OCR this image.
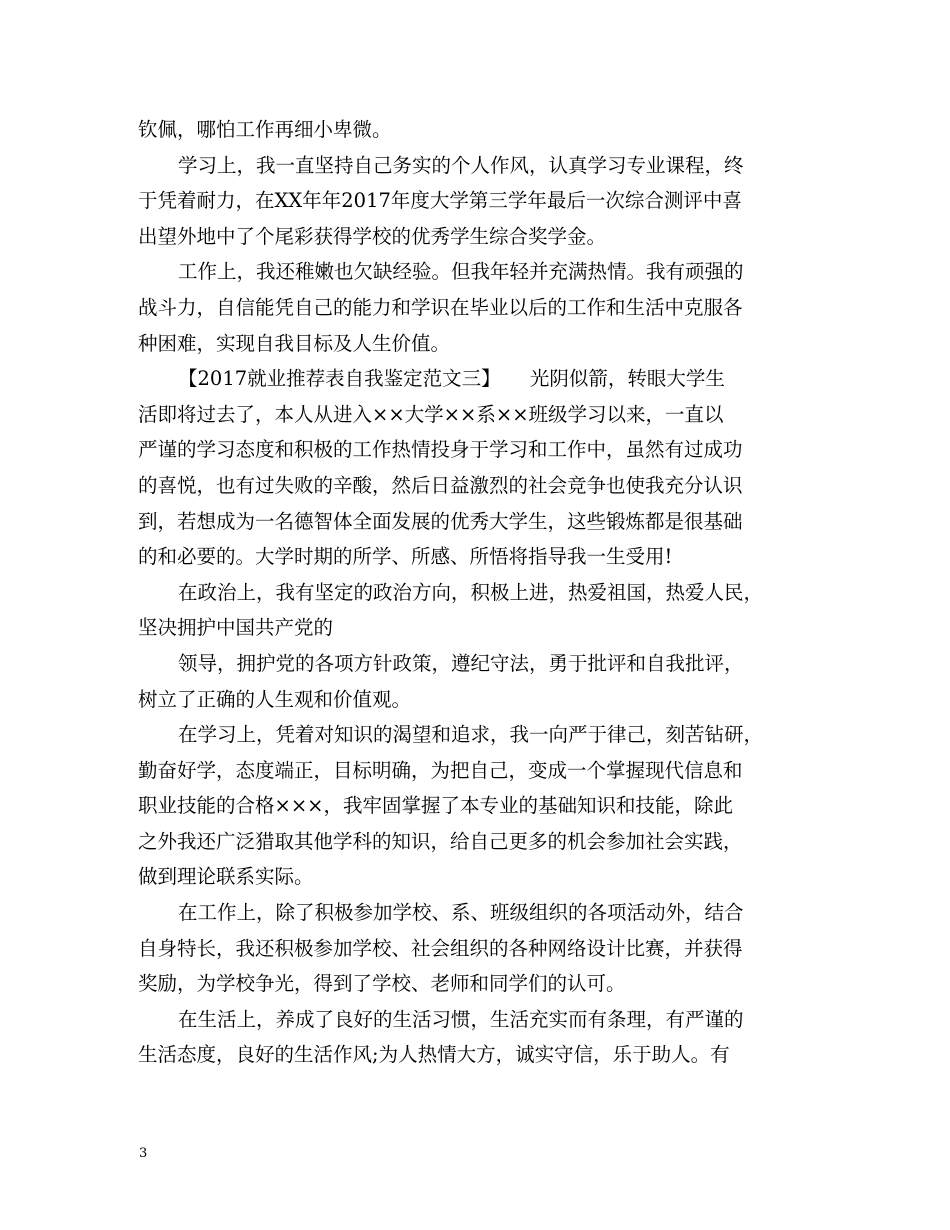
钦佩，哪怕工作再细小卑微。
学习上，我一直坚持自己务实的个人作风，认真学习专业课程，终
于凭着耐力，在XX年年2017年度大学第三学年最后一次综合测评中喜
出望外地中了个尾彩获得学校的优秀学生综合奖学金。
工作上，我还稚嫩也欠缺经验。但我年轻并充满热情。我有顽强的
战斗力，自信能凭自己的能力和学识在毕业以后的工作和生活中克服各
种困难，实现自我目标及人生价值。
【2017就业推荐表自我鉴定范文三】　　光阴似箭，转眼大学生
活即将过去了，本人从进入××大学××系××班级学习以来，一直以
严谨的学习态度和积极的工作热情投身于学习和工作中，虽然有过成功
的喜悦，也有过失败的辛酸，然后日益激烈的社会竞争也使我充分认识
到，若想成为一名德智体全面发展的优秀大学生，这些锻炼都是很基础
的和必要的。大学时期的所学、所感、所悟将指导我一生受用!
在政治上，我有坚定的政治方向，积极上进，热爱祖国，热爱人民，
坚决拥护中国共产党的
领导，拥护党的各项方针政策，遵纪守法，勇于批评和自我批评，
树立了正确的人生观和价值观。
在学习上，凭着对知识的渴望和追求，我一向严于律己，刻苦钻研，
勤奋好学，态度端正，目标明确，为把自己，变成一个掌握现代信息和
职业技能的合格×××，我牢固掌握了本专业的基础知识和技能，除此
之外我还广泛猎取其他学科的知识，给自己更多的机会参加社会实践，
做到理论联系实际。
在工作上，除了积极参加学校、系、班级组织的各项活动外，结合
自身特长，我还积极参加学校、社会组织的各种网络设计比赛，并获得
奖励，为学校争光，得到了学校、老师和同学们的认可。
在生活上，养成了良好的生活习惯，生活充实而有条理，有严谨的
生活态度，良好的生活作风;为人热情大方，诚实守信，乐于助人。有
3
